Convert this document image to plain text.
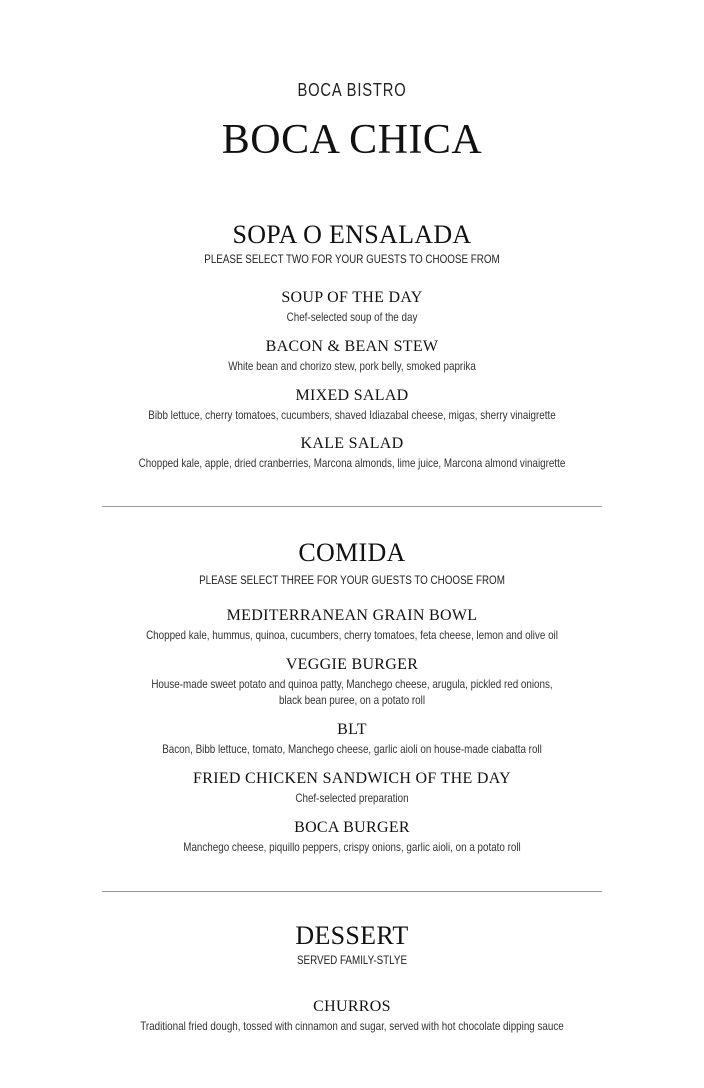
BOCA BISTRO
BOCA CHICA
SOPA O ENSALADA
PLEASE SELECT TWO FOR YOUR GUESTS TO CHOOSE FROM
SOUP OF THE DAY
Chef-selected soup of the day
BACON & BEAN STEW
White bean and chorizo stew, pork belly, smoked paprika
MIXED SALAD
Bibb lettuce, cherry tomatoes, cucumbers, shaved Idiazabal cheese, migas, sherry vinaigrette
KALE SALAD
Chopped kale, apple, dried cranberries, Marcona almonds, lime juice, Marcona almond vinaigrette
COMIDA
PLEASE SELECT THREE FOR YOUR GUESTS TO CHOOSE FROM
MEDITERRANEAN GRAIN BOWL
Chopped kale, hummus, quinoa, cucumbers, cherry tomatoes, feta cheese, lemon and olive oil
VEGGIE BURGER
House-made sweet potato and quinoa patty, Manchego cheese, arugula, pickled red onions,
black bean puree, on a potato roll
BLT
Bacon, Bibb lettuce, tomato, Manchego cheese, garlic aioli on house-made ciabatta roll
FRIED CHICKEN SANDWICH OF THE DAY
Chef-selected preparation
BOCA BURGER
Manchego cheese, piquillo peppers, crispy onions, garlic aioli, on a potato roll
DESSERT
SERVED FAMILY-STLYE
CHURROS
Traditional fried dough, tossed with cinnamon and sugar, served with hot chocolate dipping sauce
